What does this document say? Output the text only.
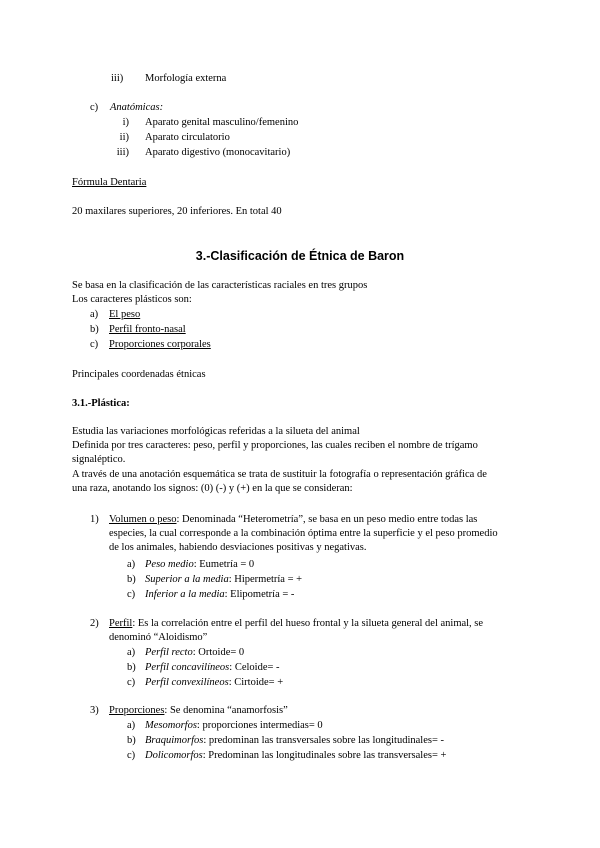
iii) Morfología externa
c) Anatómicas:
i) Aparato genital masculino/femenino
ii) Aparato circulatorio
iii) Aparato digestivo (monocavitario)
Fórmula Dentaria
20 maxilares superiores, 20 inferiores. En total 40
3.-Clasificación de Étnica de Baron
Se basa en la clasificación de las características raciales en tres grupos
Los caracteres plásticos son:
a) El peso
b) Perfil fronto-nasal
c) Proporciones corporales
Principales coordenadas étnicas
3.1.-Plástica:
Estudia las variaciones morfológicas referidas a la silueta del animal
Definida por tres caracteres: peso, perfil y proporciones, las cuales reciben el nombre de trígamo
signaléptico.
A través de una anotación esquemática se trata de sustituir la fotografía o representación gráfica de
una raza, anotando los signos: (0) (-) y (+) en la que se consideran:
1) Volumen o peso: Denominada “Heterometría”, se basa en un peso medio entre todas las
especies, la cual corresponde a la combinación óptima entre la superficie y el peso promedio
de los animales, habiendo desviaciones positivas y negativas.
a) Peso medio: Eumetría = 0
b) Superior a la media: Hipermetría = +
c) Inferior a la media: Elipometría = -
2) Perfil: Es la correlación entre el perfil del hueso frontal y la silueta general del animal, se
denominó “Aloidismo”
a) Perfil recto: Ortoide= 0
b) Perfil concavilíneos: Celoide= -
c) Perfil convexilíneos: Cirtoide= +
3) Proporciones: Se denomina “anamorfosis”
a) Mesomorfos: proporciones intermedias= 0
b) Braquimorfos: predominan las transversales sobre las longitudinales= -
c) Dolicomorfos: Predominan las longitudinales sobre las transversales= +
